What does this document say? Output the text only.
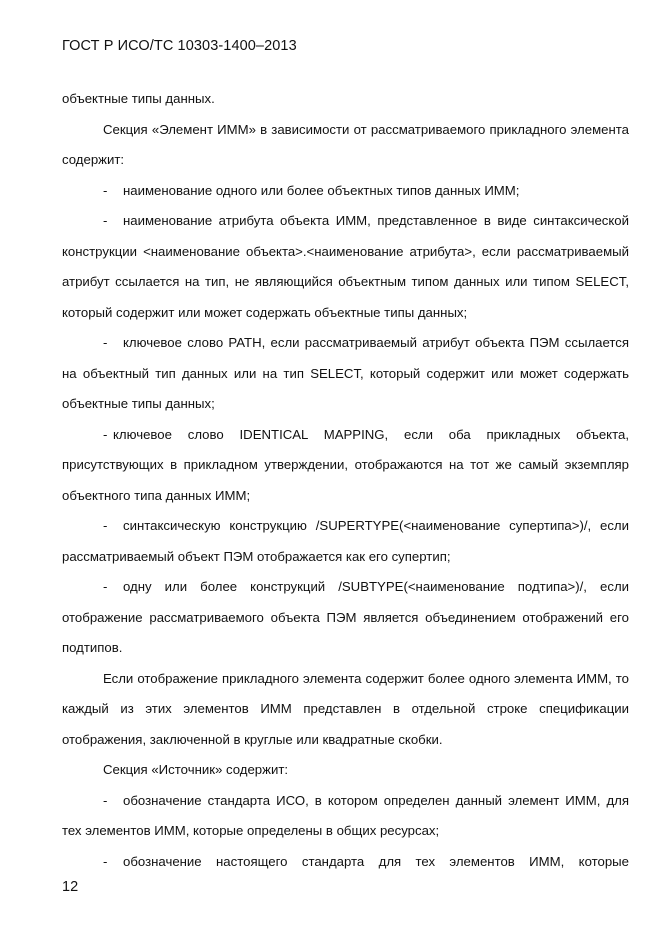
ГОСТ Р ИСО/ТС 10303-1400–2013

объектные типы данных.

Секция «Элемент ИММ» в зависимости от рассматриваемого прикладного элемента содержит:

- наименование одного или более объектных типов данных ИММ;

- наименование атрибута объекта ИММ, представленное в виде синтаксической конструкции <наименование объекта>.<наименование атрибута>, если рассматриваемый атрибут ссылается на тип, не являющийся объектным типом данных или типом SELECT, который содержит или может содержать объектные типы данных;

- ключевое слово PATH, если рассматриваемый атрибут объекта ПЭМ ссылается на объектный тип данных или на тип SELECT, который содержит или может содержать объектные типы данных;

- ключевое слово IDENTICAL MAPPING, если оба прикладных объекта, присутствующих в прикладном утверждении, отображаются на тот же самый экземпляр объектного типа данных ИММ;

- синтаксическую конструкцию /SUPERTYPE(<наименование супертипа>)/, если рассматриваемый объект ПЭМ отображается как его супертип;

- одну или более конструкций /SUBTYPE(<наименование подтипа>)/, если отображение рассматриваемого объекта ПЭМ является объединением отображений его подтипов.

Если отображение прикладного элемента содержит более одного элемента ИММ, то каждый из этих элементов ИММ представлен в отдельной строке спецификации отображения, заключенной в круглые или квадратные скобки.

Секция «Источник» содержит:

- обозначение стандарта ИСО, в котором определен данный элемент ИММ, для тех элементов ИММ, которые определены в общих ресурсах;

- обозначение настоящего стандарта для тех элементов ИММ, которые

12
